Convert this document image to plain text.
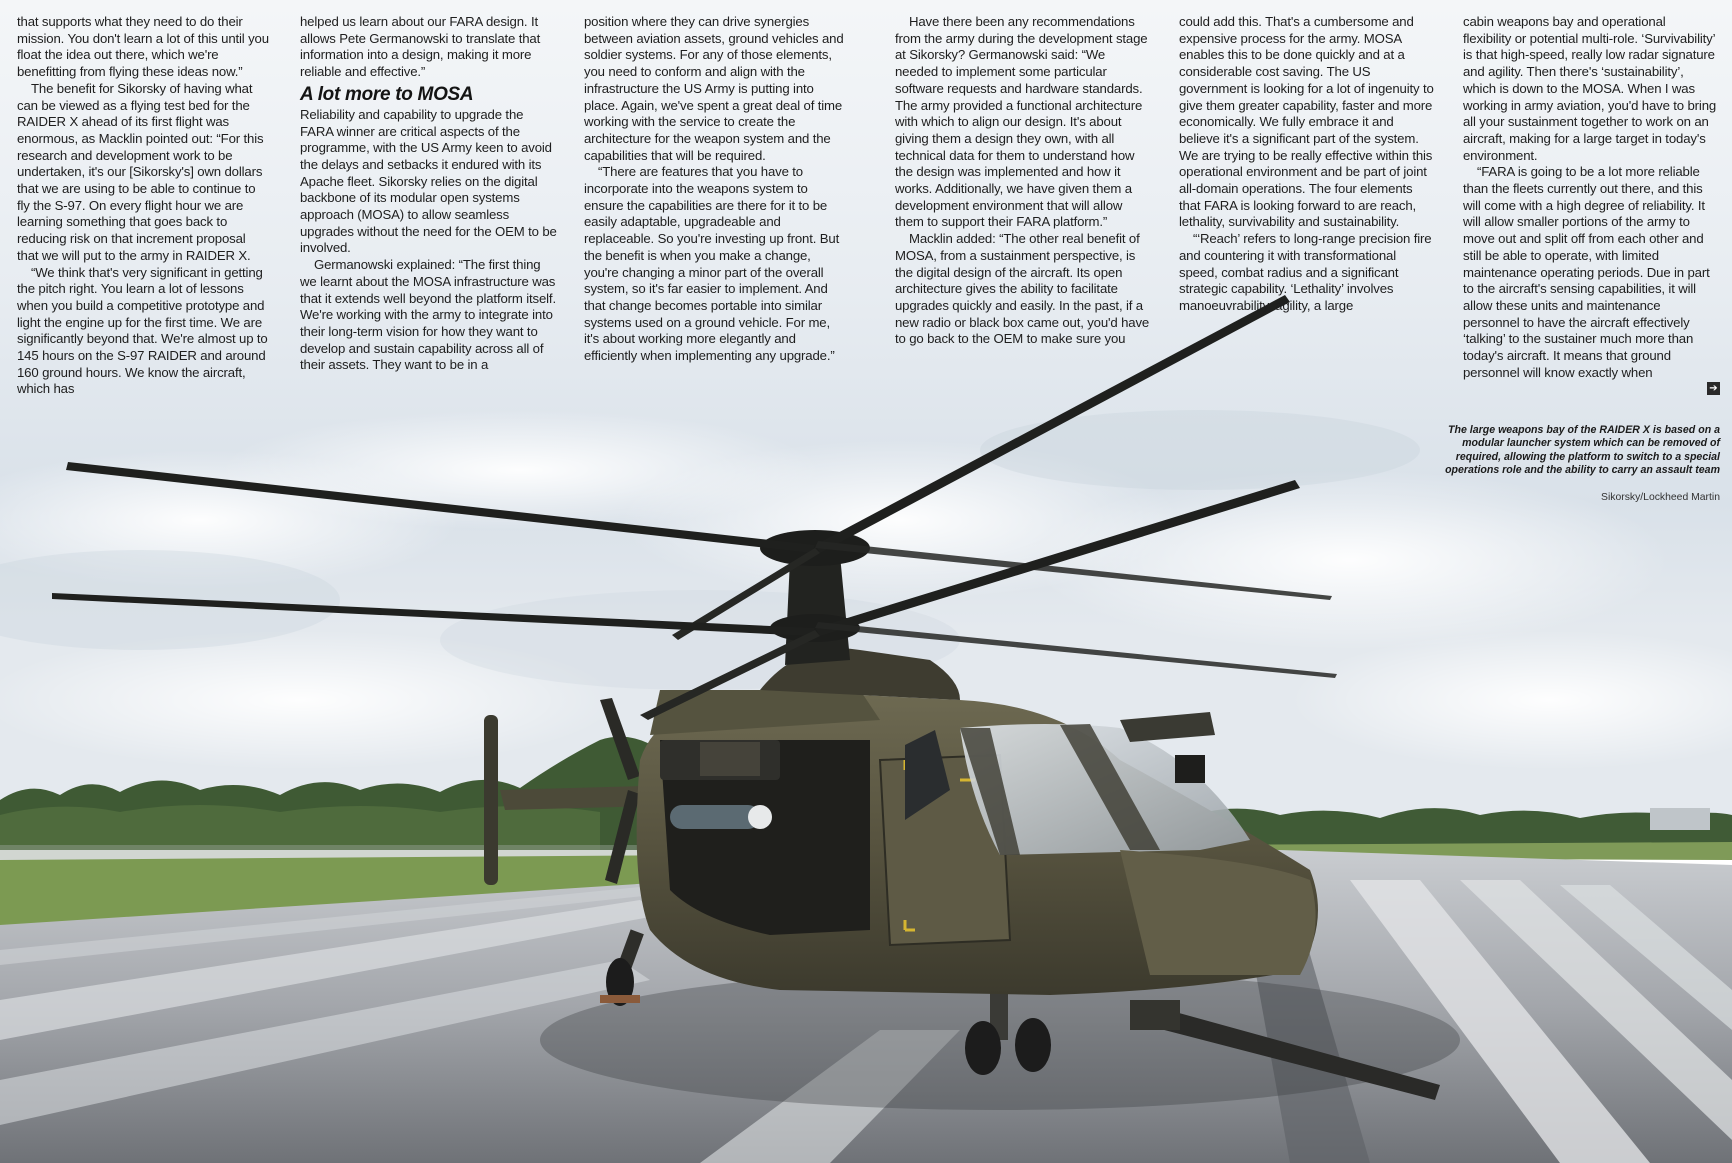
that supports what they need to do their mission. You don't learn a lot of this until you float the idea out there, which we're benefitting from flying these ideas now.”

The benefit for Sikorsky of having what can be viewed as a flying test bed for the RAIDER X ahead of its first flight was enormous, as Macklin pointed out: “For this research and development work to be undertaken, it's our [Sikorsky's] own dollars that we are using to be able to continue to fly the S-97. On every flight hour we are learning something that goes back to reducing risk on that increment proposal that we will put to the army in RAIDER X.

“We think that's very significant in getting the pitch right. You learn a lot of lessons when you build a competitive prototype and light the engine up for the first time. We are significantly beyond that. We're almost up to 145 hours on the S-97 RAIDER and around 160 ground hours. We know the aircraft, which has

helped us learn about our FARA design. It allows Pete Germanowski to translate that information into a design, making it more reliable and effective.”

A lot more to MOSA

Reliability and capability to upgrade the FARA winner are critical aspects of the programme, with the US Army keen to avoid the delays and setbacks it endured with its Apache fleet. Sikorsky relies on the digital backbone of its modular open systems approach (MOSA) to allow seamless upgrades without the need for the OEM to be involved.

Germanowski explained: “The first thing we learnt about the MOSA infrastructure was that it extends well beyond the platform itself. We're working with the army to integrate into their long-term vision for how they want to develop and sustain capability across all of their assets. They want to be in a

position where they can drive synergies between aviation assets, ground vehicles and soldier systems. For any of those elements, you need to conform and align with the infrastructure the US Army is putting into place. Again, we've spent a great deal of time working with the service to create the architecture for the weapon system and the capabilities that will be required.

“There are features that you have to incorporate into the weapons system to ensure the capabilities are there for it to be easily adaptable, upgradeable and replaceable. So you're investing up front. But the benefit is when you make a change, you're changing a minor part of the overall system, so it's far easier to implement. And that change becomes portable into similar systems used on a ground vehicle. For me, it's about working more elegantly and efficiently when implementing any upgrade.”

Have there been any recommendations from the army during the development stage at Sikorsky? Germanowski said: “We needed to implement some particular software requests and hardware standards. The army provided a functional architecture with which to align our design. It's about giving them a design they own, with all technical data for them to understand how the design was implemented and how it works. Additionally, we have given them a development environment that will allow them to support their FARA platform.”

Macklin added: “The other real benefit of MOSA, from a sustainment perspective, is the digital design of the aircraft. Its open architecture gives the ability to facilitate upgrades quickly and easily. In the past, if a new radio or black box came out, you'd have to go back to the OEM to make sure you

could add this. That's a cumbersome and expensive process for the army. MOSA enables this to be done quickly and at a considerable cost saving. The US government is looking for a lot of ingenuity to give them greater capability, faster and more economically. We fully embrace it and believe it's a significant part of the system. We are trying to be really effective within this operational environment and be part of joint all-domain operations. The four elements that FARA is looking forward to are reach, lethality, survivability and sustainability.

“‘Reach’ refers to long-range precision fire and countering it with transformational speed, combat radius and a significant strategic capability. ‘Lethality’ involves manoeuvrability, agility, a large

cabin weapons bay and operational flexibility or potential multi-role. ‘Survivability’ is that high-speed, really low radar signature and agility. Then there's ‘sustainability’, which is down to the MOSA. When I was working in army aviation, you'd have to bring all your sustainment together to work on an aircraft, making for a large target in today's environment.

“FARA is going to be a lot more reliable than the fleets currently out there, and this will come with a high degree of reliability. It will allow smaller portions of the army to move out and split off from each other and still be able to operate, with limited maintenance operating periods. Due in part to the aircraft's sensing capabilities, it will allow these units and maintenance personnel to have the aircraft effectively ‘talking’ to the sustainer much more than today's aircraft. It means that ground personnel will know exactly when

➔
The large weapons bay of the RAIDER X is based on a modular launcher system which can be removed of required, allowing the platform to switch to a special operations role and the ability to carry an assault team
Sikorsky/Lockheed Martin
